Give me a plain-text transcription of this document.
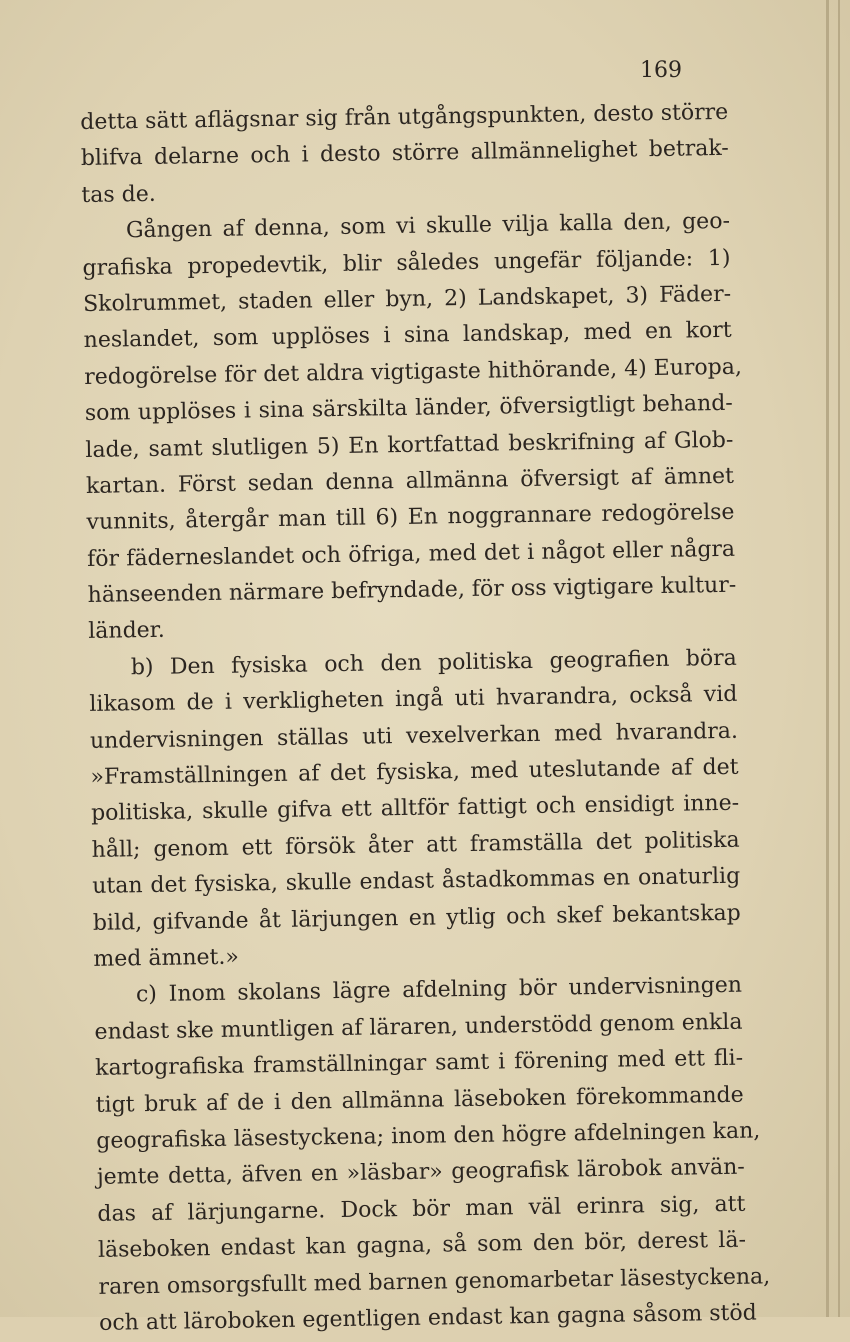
169
detta sätt aflägsnar sig från utgångspunkten, desto större
blifva delarne och i desto större allmännelighet betrak-
tas de.
Gången af denna, som vi skulle vilja kalla den, geo-
grafiska propedevtik, blir således ungefär följande: 1)
Skolrummet, staden eller byn, 2) Landskapet, 3) Fäder-
neslandet, som upplöses i sina landskap, med en kort
redogörelse för det aldra vigtigaste hithörande, 4) Europa,
som upplöses i sina särskilta länder, öfversigtligt behand-
lade, samt slutligen 5) En kortfattad beskrifning af Glob-
kartan. Först sedan denna allmänna öfversigt af ämnet
vunnits, återgår man till 6) En noggrannare redogörelse
för fäderneslandet och öfriga, med det i något eller några
hänseenden närmare befryndade, för oss vigtigare kultur-
länder.
b) Den fysiska och den politiska geografien böra
likasom de i verkligheten ingå uti hvarandra, också vid
undervisningen ställas uti vexelverkan med hvarandra.
»Framställningen af det fysiska, med uteslutande af det
politiska, skulle gifva ett alltför fattigt och ensidigt inne-
håll; genom ett försök åter att framställa det politiska
utan det fysiska, skulle endast åstadkommas en onaturlig
bild, gifvande åt lärjungen en ytlig och skef bekantskap
med ämnet.»
c) Inom skolans lägre afdelning bör undervisningen
endast ske muntligen af läraren, understödd genom enkla
kartografiska framställningar samt i förening med ett fli-
tigt bruk af de i den allmänna läseboken förekommande
geografiska läsestyckena; inom den högre afdelningen kan,
jemte detta, äfven en »läsbar» geografisk lärobok använ-
das af lärjungarne. Dock bör man väl erinra sig, att
läseboken endast kan gagna, så som den bör, derest lä-
raren omsorgsfullt med barnen genomarbetar läsestyckena,
och att läroboken egentligen endast kan gagna såsom stöd
